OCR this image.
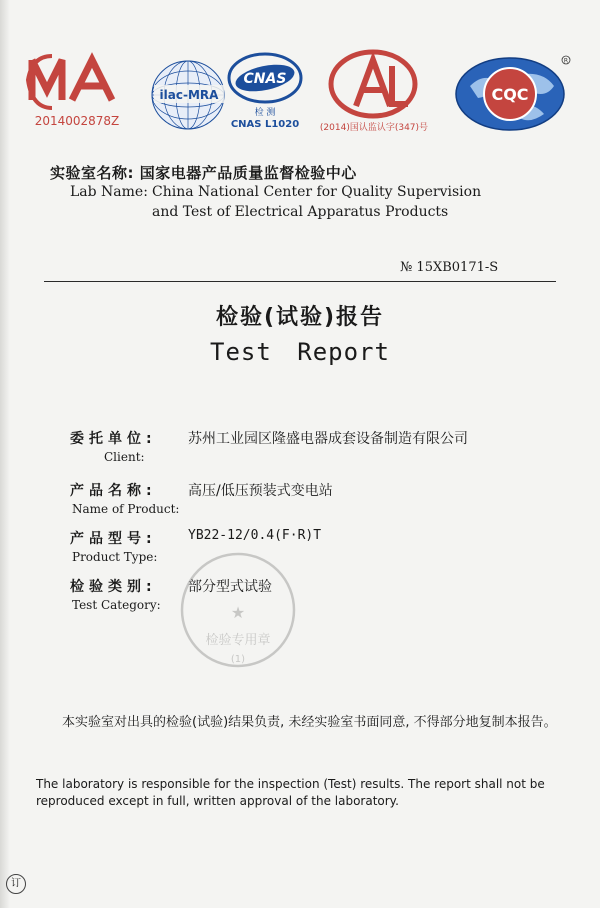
2014002878Z
ilac-MRA
CNAS
检 测
CNAS L1020	(2014)国认监认字(347)号
CQC
R
实验室名称: 国家电器产品质量监督检验中心
Lab Name: China National Center for Quality Supervision
and Test of Electrical Apparatus Products
№ 15XB0171-S
检验(试验)报告
Test Report
委托单位: 苏州工业园区隆盛电器成套设备制造有限公司
Client:
产品名称: 高压/低压预装式变电站
Name of Product:
产品型号: YB22-12/0.4(F·R)T
Product Type:
检验类别: 部分型式试验
Test Category:	★
检验专用章
(1)
本实验室对出具的检验(试验)结果负责, 未经实验室书面同意, 不得部分地复制本报告。
The laboratory is responsible for the inspection (Test) results. The report shall not be reproduced except in full, written approval of the laboratory.
订
